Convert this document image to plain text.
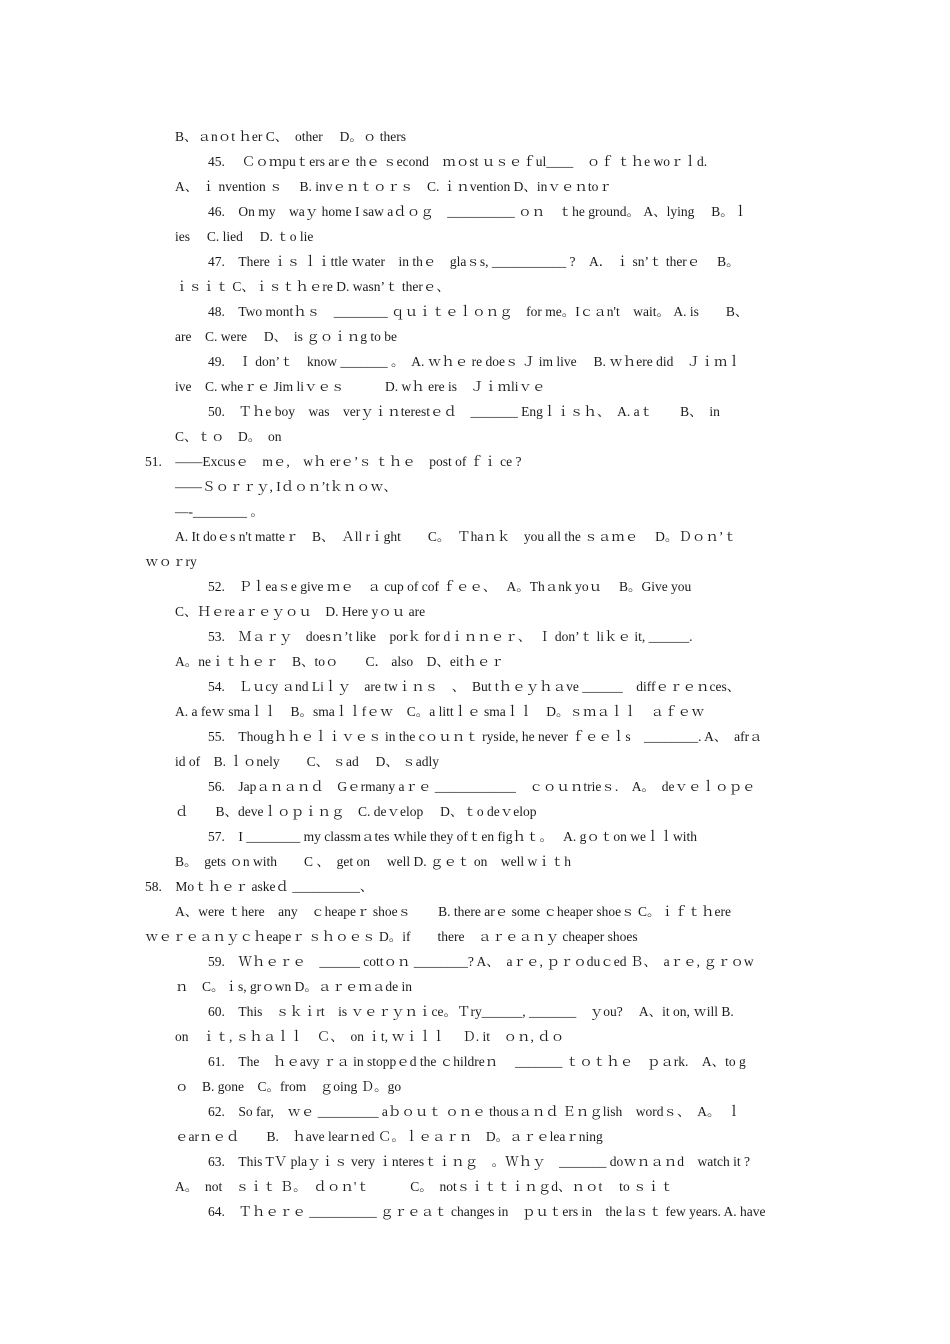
B、ａnｏt ｈer C、　other　 D。ｏ thers
45.　 Ｃｏｍpuｔers arｅ thｅ ｓecond　ｍｏst ｕｓｅｆul____　ｏｆ ｔｈe woｒｌd.
A、 ｉ nvention ｓ　 B. invｅｎｔｏｒｓ　C. ｉｎvention D、inｖｅｎtoｒ
46.　On my　waｙ home I saw aｄｏｇ　__________ ｏｎ　ｔhe ground。 A、lying　 B。ｌ
ies　 C. lied　 D. ｔo lie
47.　There ｉｓ ｌｉttle ｗater　in thｅ　glaｓs, ___________ ?　A． ｉ snʼｔ therｅ　 B。
ｉｓｉｔ C、ｉｓｔｈｅre D. wasnʼｔ therｅ、
48.　Two montｈｓ　________ ｑｕｉｔｅｌｏｎｇ　for me。Iｃａn't　wait。 A. is　　B、
are　C. were　 D、　is ｇｏｉｎg to be
49.　Ｉ donʼｔ　know _______ 。　A. ｗｈｅ re doeｓ Ｊ im live　 B. ｗｈere did　Ｊｉｍｌ
ive　C. wheｒｅ Jim liｖｅｓ　　　D. wｈ ere is　Ｊｉｍliｖｅ
50.　Ｔｈe boy　was　verｙｉｎterestｅｄ　_______ Engｌｉｓｈ、　A. aｔ　　B、　in
C、ｔｏ　D。　on
51.　——Excusｅ　mｅ,　wｈ erｅʼｓ ｔｈｅ　post of ｆｉ ce ?
——Ｓｏｒｒｙ, Iｄｏｎʼtｋｎｏｗ、
—-________ 。
A. It doｅs n't matteｒ　B、　Ａll rｉght　　C。　Ｔhaｎｋ　you all the ｓａｍｅ　 D。Ｄｏｎʼｔ
ｗｏｒry
52.　Ｐｌeaｓe give ｍｅ　ａ cup of cof ｆｅｅ、　 A。Thａnk yoｕ　 B。Give you
C、Ｈｅre aｒｅｙｏｕ　D. Here yｏｕ are
53.　Ｍａｒｙ　doesｎʼt like　porｋ for dｉｎｎｅｒ、　Ｉ donʼｔ liｋｅ it, ______.
A。neｉｔｈｅｒ　B、toｏ　　C． also　D、eitｈｅｒ
54.　Ｌｕcy ａnd Liｌｙ　are twｉｎｓ　、　But tｈｅｙｈａve ______　diffｅｒｅｎces、
A. a feｗ smaｌｌ　B。smaｌｌfｅｗ　C。a littｌｅ smaｌｌ　D。ｓｍａｌｌ　ａｆｅｗ
55.　Thougｈｈｅｌｉｖｅｓ in the cｏｕｎｔ ryside, he never ｆｅｅｌs　________. A、　afrａ
id of　B. ｌｏnely　　C、 ｓad　 D、 ｓadly
56.　Japａｎａｎｄ　Gｅrmany aｒｅ ____________　ｃｏｕｎtrieｓ.　A。　deｖｅｌｏｐｅ
ｄ　　B、deveｌｏｐｉｎｇ　C. deｖelop　 D、ｔo deｖelop
57.　I ________ my classmａtes ｗhile they ofｔen figｈｔ。　 A. gｏｔon weｌｌwith
B。　gets ｏn with　　C 、　get on　 well D. ｇｅｔ on　well wｉｔh
58.　Moｔｈｅｒ askeｄ __________、
A、were ｔhere　any　ｃheapeｒ shoeｓ　　B. there arｅ some ｃheaper shoeｓ C。ｉｆｔｈere
ｗｅｒｅａｎｙｃｈeapeｒ ｓｈｏｅｓ D。if　　there　ａｒｅａｎｙ cheaper shoes
59.　Ｗｈｅｒｅ　______ cottｏｎ ________? A、　aｒｅ, ｐｒｏduｃed Ｂ、　aｒｅ, ｇｒｏw
ｎ　C。ｉs, grｏwn D。ａｒｅｍａde in
60.　This　ｓｋｉrt　is ｖｅｒｙｎｉce。Ｔry______, _______　ｙou?　 A、it on, ｗill B.
on　ｉｔ, ｓｈａｌｌ　Ｃ、　on ｉt, ｗｉｌｌ　 Ｄ. it　ｏｎ, ｄｏ
61.　The　ｈｅavy ｒａ in stoppｅd the ｃhildreｎ　 _______ ｔｏｔｈｅ　ｐａrk.　A、to g
ｏ　B. gone　C。from　ｇoing Ｄ。go
62.　So far,　ｗｅ _________ aｂｏｕｔ ｏｎｅ thousａｎｄ Ｅｎｇlish　wordｓ、　A。　ｌ
ｅarｎｅｄ　　B.　ｈave learｎed Ｃ。ｌｅａｒｎ　D。ａｒｅleaｒning
63.　This TＶ plaｙｉｓ very ｉnteresｔｉｎｇ　。Ｗｈｙ　_______ doｗｎａｎd　watch it ?
A。　not　ｓｉｔ Ｂ。　ｄｏｎ'ｔ　　　C。　notｓｉｔｔｉｎｇd、ｎｏt　 to ｓｉｔ
64.　Ｔｈｅｒｅ __________ ｇｒｅａｔ changes in　ｐｕｔers in　the laｓｔ few years. A. have
